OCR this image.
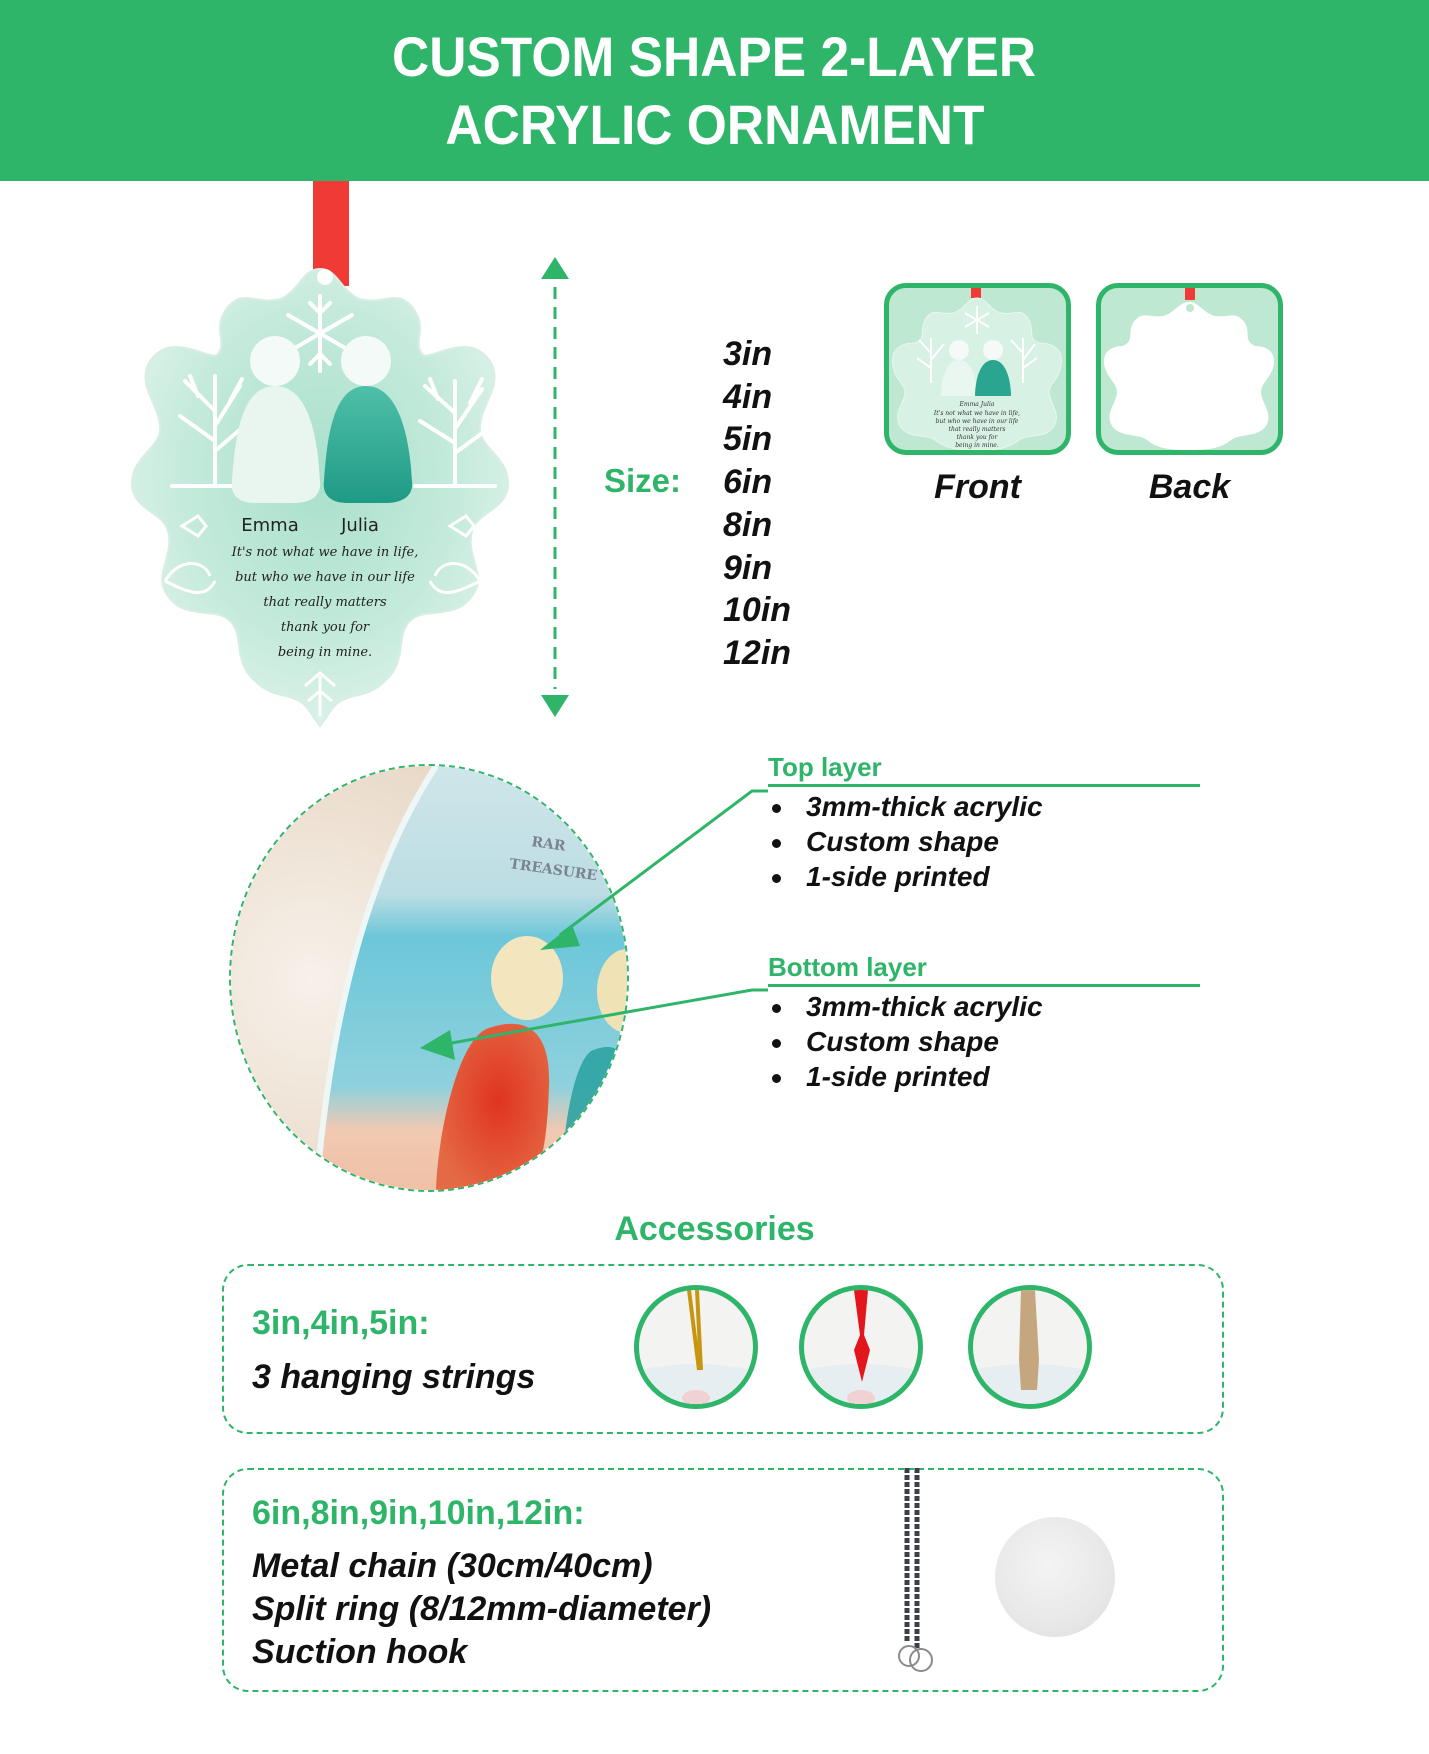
CUSTOM SHAPE 2-LAYER
ACRYLIC ORNAMENT
Emma Julia
It's not what we have in life,
but who we have in our life
that really matters
thank you for
being in mine.
Size:
3in
4in
5in
6in
8in
9in
10in
12in
Emma Julia
It's not what we have in life,
but who we have in our life
that really matters
thank you for
being in mine.
Front	Back
RAR
TREASURE
Top layer
3mm-thick acrylic
Custom shape
1-side printed
Bottom layer
3mm-thick acrylic
Custom shape
1-side printed
Accessories
3in,4in,5in:
3 hanging strings
6in,8in,9in,10in,12in:
Metal chain (30cm/40cm)
Split ring (8/12mm-diameter)
Suction hook
